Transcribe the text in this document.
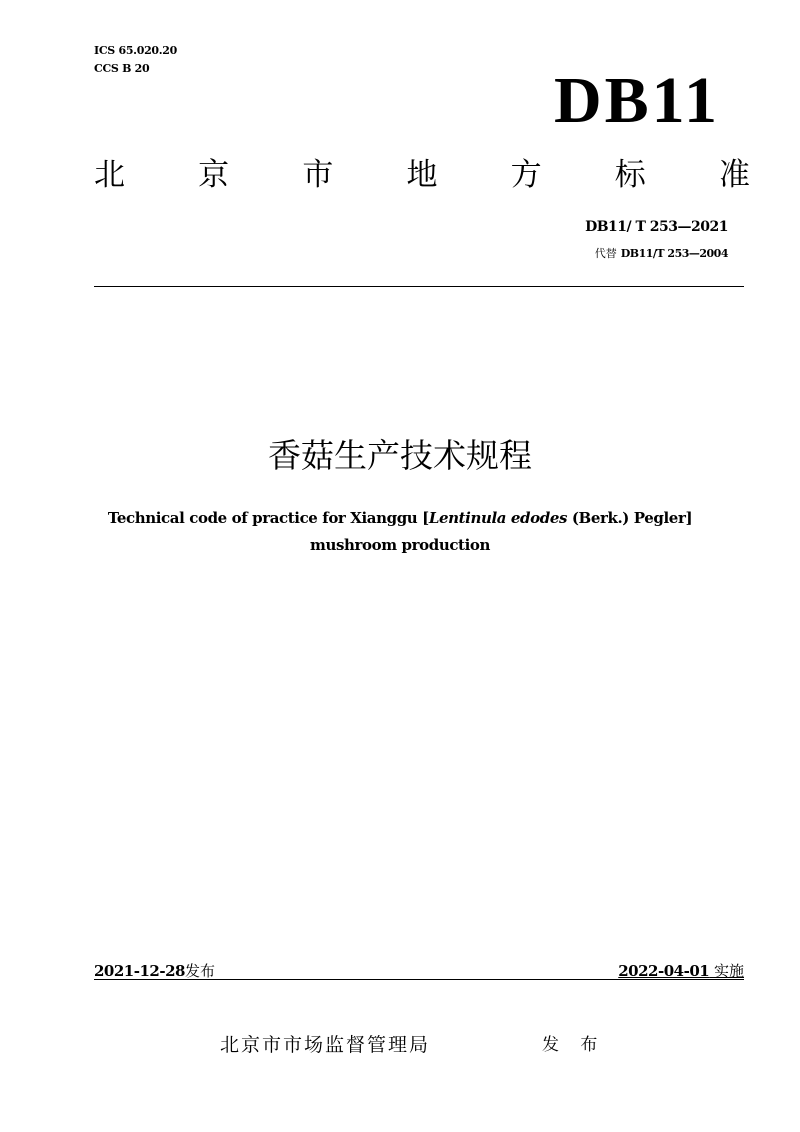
ICS 65.020.20
CCS B 20	DB11
北 京 市 地 方 标 准
DB11/ T 253—2021
代替 DB11/T 253—2004
香菇生产技术规程
Technical code of practice for Xianggu [Lentinula edodes (Berk.) Pegler]
mushroom production
2021-12-28发布	2022-04-01 实施
北京市市场监督管理局	发 布
